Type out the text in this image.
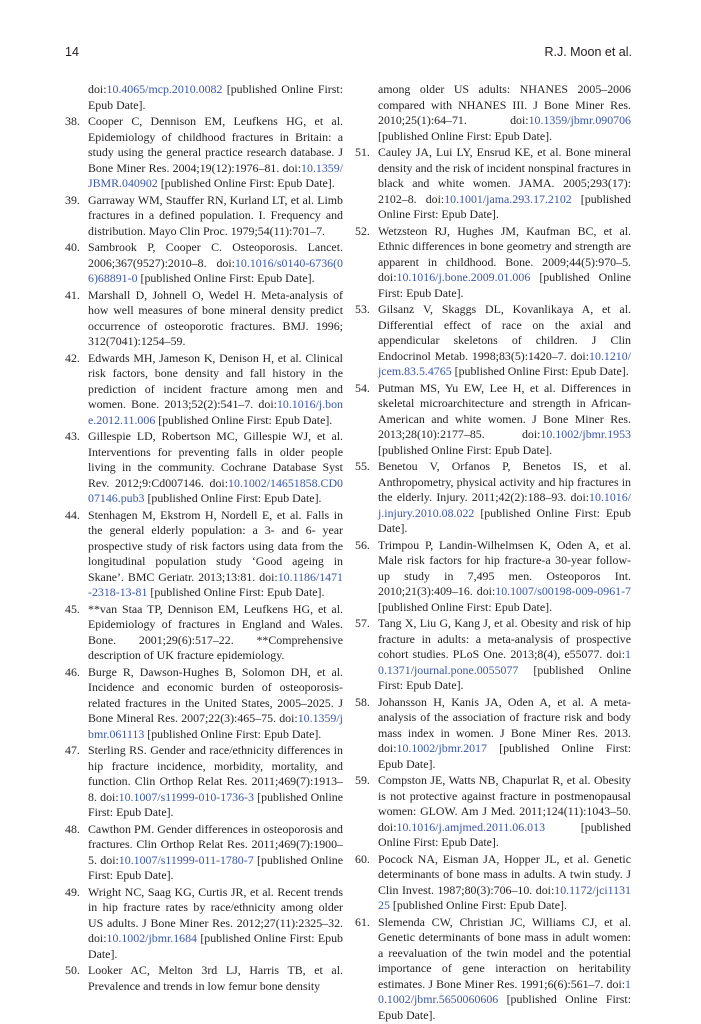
14	R.J. Moon et al.
doi:10.4065/mcp.2010.0082 [published Online First: Epub Date].
38. Cooper C, Dennison EM, Leufkens HG, et al. Epidemiology of childhood fractures in Britain: a study using the general practice research database. J Bone Miner Res. 2004;19(12):1976–81. doi:10.1359/JBMR.040902 [published Online First: Epub Date].
39. Garraway WM, Stauffer RN, Kurland LT, et al. Limb fractures in a defined population. I. Frequency and distribution. Mayo Clin Proc. 1979;54(11):701–7.
40. Sambrook P, Cooper C. Osteoporosis. Lancet. 2006;367(9527):2010–8. doi:10.1016/s0140-6736(06)68891-0 [published Online First: Epub Date].
41. Marshall D, Johnell O, Wedel H. Meta-analysis of how well measures of bone mineral density predict occurrence of osteoporotic fractures. BMJ. 1996; 312(7041):1254–59.
42. Edwards MH, Jameson K, Denison H, et al. Clinical risk factors, bone density and fall history in the prediction of incident fracture among men and women. Bone. 2013;52(2):541–7. doi:10.1016/j.bone.2012.11.006 [published Online First: Epub Date].
43. Gillespie LD, Robertson MC, Gillespie WJ, et al. Interventions for preventing falls in older people living in the community. Cochrane Database Syst Rev. 2012;9:Cd007146. doi:10.1002/14651858.CD007146.pub3 [published Online First: Epub Date].
44. Stenhagen M, Ekstrom H, Nordell E, et al. Falls in the general elderly population: a 3- and 6- year prospective study of risk factors using data from the longitudinal population study ‘Good ageing in Skane’. BMC Geriatr. 2013;13:81. doi:10.1186/1471-2318-13-81 [published Online First: Epub Date].
45. **van Staa TP, Dennison EM, Leufkens HG, et al. Epidemiology of fractures in England and Wales. Bone. 2001;29(6):517–22. **Comprehensive description of UK fracture epidemiology.
46. Burge R, Dawson-Hughes B, Solomon DH, et al. Incidence and economic burden of osteoporosis-related fractures in the United States, 2005–2025. J Bone Mineral Res. 2007;22(3):465–75. doi:10.1359/jbmr.061113 [published Online First: Epub Date].
47. Sterling RS. Gender and race/ethnicity differences in hip fracture incidence, morbidity, mortality, and function. Clin Orthop Relat Res. 2011;469(7):1913–8. doi:10.1007/s11999-010-1736-3 [published Online First: Epub Date].
48. Cawthon PM. Gender differences in osteoporosis and fractures. Clin Orthop Relat Res. 2011;469(7):1900–5. doi:10.1007/s11999-011-1780-7 [published Online First: Epub Date].
49. Wright NC, Saag KG, Curtis JR, et al. Recent trends in hip fracture rates by race/ethnicity among older US adults. J Bone Miner Res. 2012;27(11):2325–32. doi:10.1002/jbmr.1684 [published Online First: Epub Date].
50. Looker AC, Melton 3rd LJ, Harris TB, et al. Prevalence and trends in low femur bone density
among older US adults: NHANES 2005–2006 compared with NHANES III. J Bone Miner Res. 2010;25(1):64–71. doi:10.1359/jbmr.090706 [published Online First: Epub Date].
51. Cauley JA, Lui LY, Ensrud KE, et al. Bone mineral density and the risk of incident nonspinal fractures in black and white women. JAMA. 2005;293(17): 2102–8. doi:10.1001/jama.293.17.2102 [published Online First: Epub Date].
52. Wetzsteon RJ, Hughes JM, Kaufman BC, et al. Ethnic differences in bone geometry and strength are apparent in childhood. Bone. 2009;44(5):970–5. doi:10.1016/j.bone.2009.01.006 [published Online First: Epub Date].
53. Gilsanz V, Skaggs DL, Kovanlikaya A, et al. Differential effect of race on the axial and appendicular skeletons of children. J Clin Endocrinol Metab. 1998;83(5):1420–7. doi:10.1210/jcem.83.5.4765 [published Online First: Epub Date].
54. Putman MS, Yu EW, Lee H, et al. Differences in skeletal microarchitecture and strength in African-American and white women. J Bone Miner Res. 2013;28(10):2177–85. doi:10.1002/jbmr.1953 [published Online First: Epub Date].
55. Benetou V, Orfanos P, Benetos IS, et al. Anthropometry, physical activity and hip fractures in the elderly. Injury. 2011;42(2):188–93. doi:10.1016/j.injury.2010.08.022 [published Online First: Epub Date].
56. Trimpou P, Landin-Wilhelmsen K, Oden A, et al. Male risk factors for hip fracture-a 30-year follow-up study in 7,495 men. Osteoporos Int. 2010;21(3):409–16. doi:10.1007/s00198-009-0961-7 [published Online First: Epub Date].
57. Tang X, Liu G, Kang J, et al. Obesity and risk of hip fracture in adults: a meta-analysis of prospective cohort studies. PLoS One. 2013;8(4), e55077. doi:10.1371/journal.pone.0055077 [published Online First: Epub Date].
58. Johansson H, Kanis JA, Oden A, et al. A meta-analysis of the association of fracture risk and body mass index in women. J Bone Miner Res. 2013. doi:10.1002/jbmr.2017 [published Online First: Epub Date].
59. Compston JE, Watts NB, Chapurlat R, et al. Obesity is not protective against fracture in postmenopausal women: GLOW. Am J Med. 2011;124(11):1043–50. doi:10.1016/j.amjmed.2011.06.013 [published Online First: Epub Date].
60. Pocock NA, Eisman JA, Hopper JL, et al. Genetic determinants of bone mass in adults. A twin study. J Clin Invest. 1987;80(3):706–10. doi:10.1172/jci113125 [published Online First: Epub Date].
61. Slemenda CW, Christian JC, Williams CJ, et al. Genetic determinants of bone mass in adult women: a reevaluation of the twin model and the potential importance of gene interaction on heritability estimates. J Bone Miner Res. 1991;6(6):561–7. doi:10.1002/jbmr.5650060606 [published Online First: Epub Date].
